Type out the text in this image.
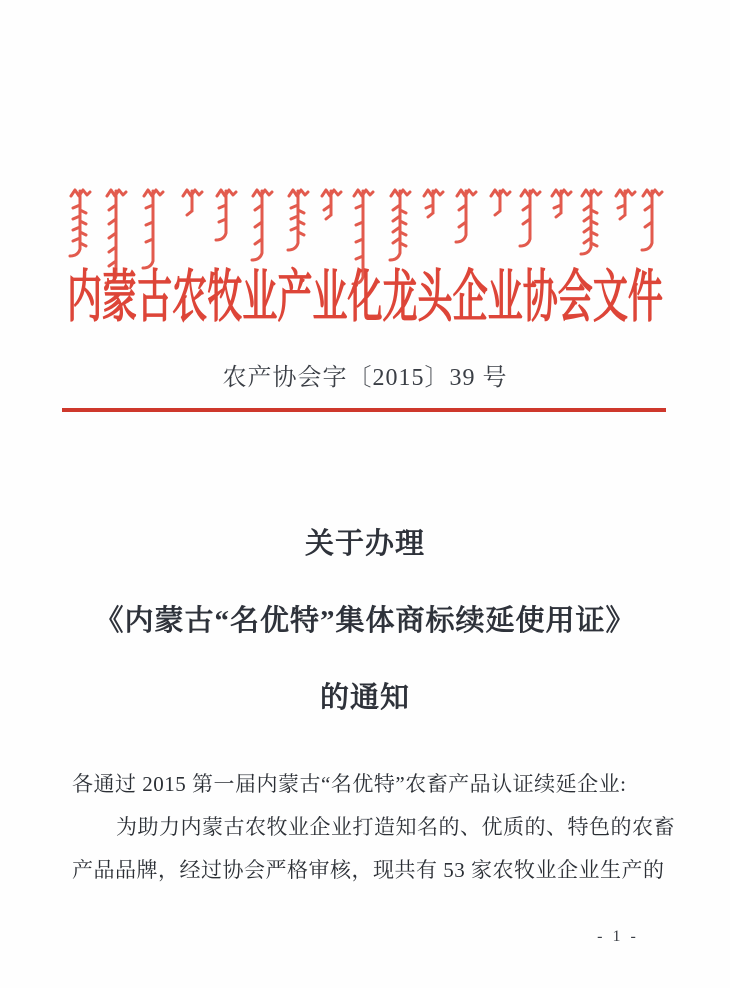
内蒙古农牧业产业化龙头企业协会文件
农产协会字〔2015〕39 号
关于办理
《内蒙古“名优特”集体商标续延使用证》
的通知
各通过 2015 第一届内蒙古“名优特”农畜产品认证续延企业:
为助力内蒙古农牧业企业打造知名的、优质的、特色的农畜
产品品牌，经过协会严格审核，现共有 53 家农牧业企业生产的
- 1 -
